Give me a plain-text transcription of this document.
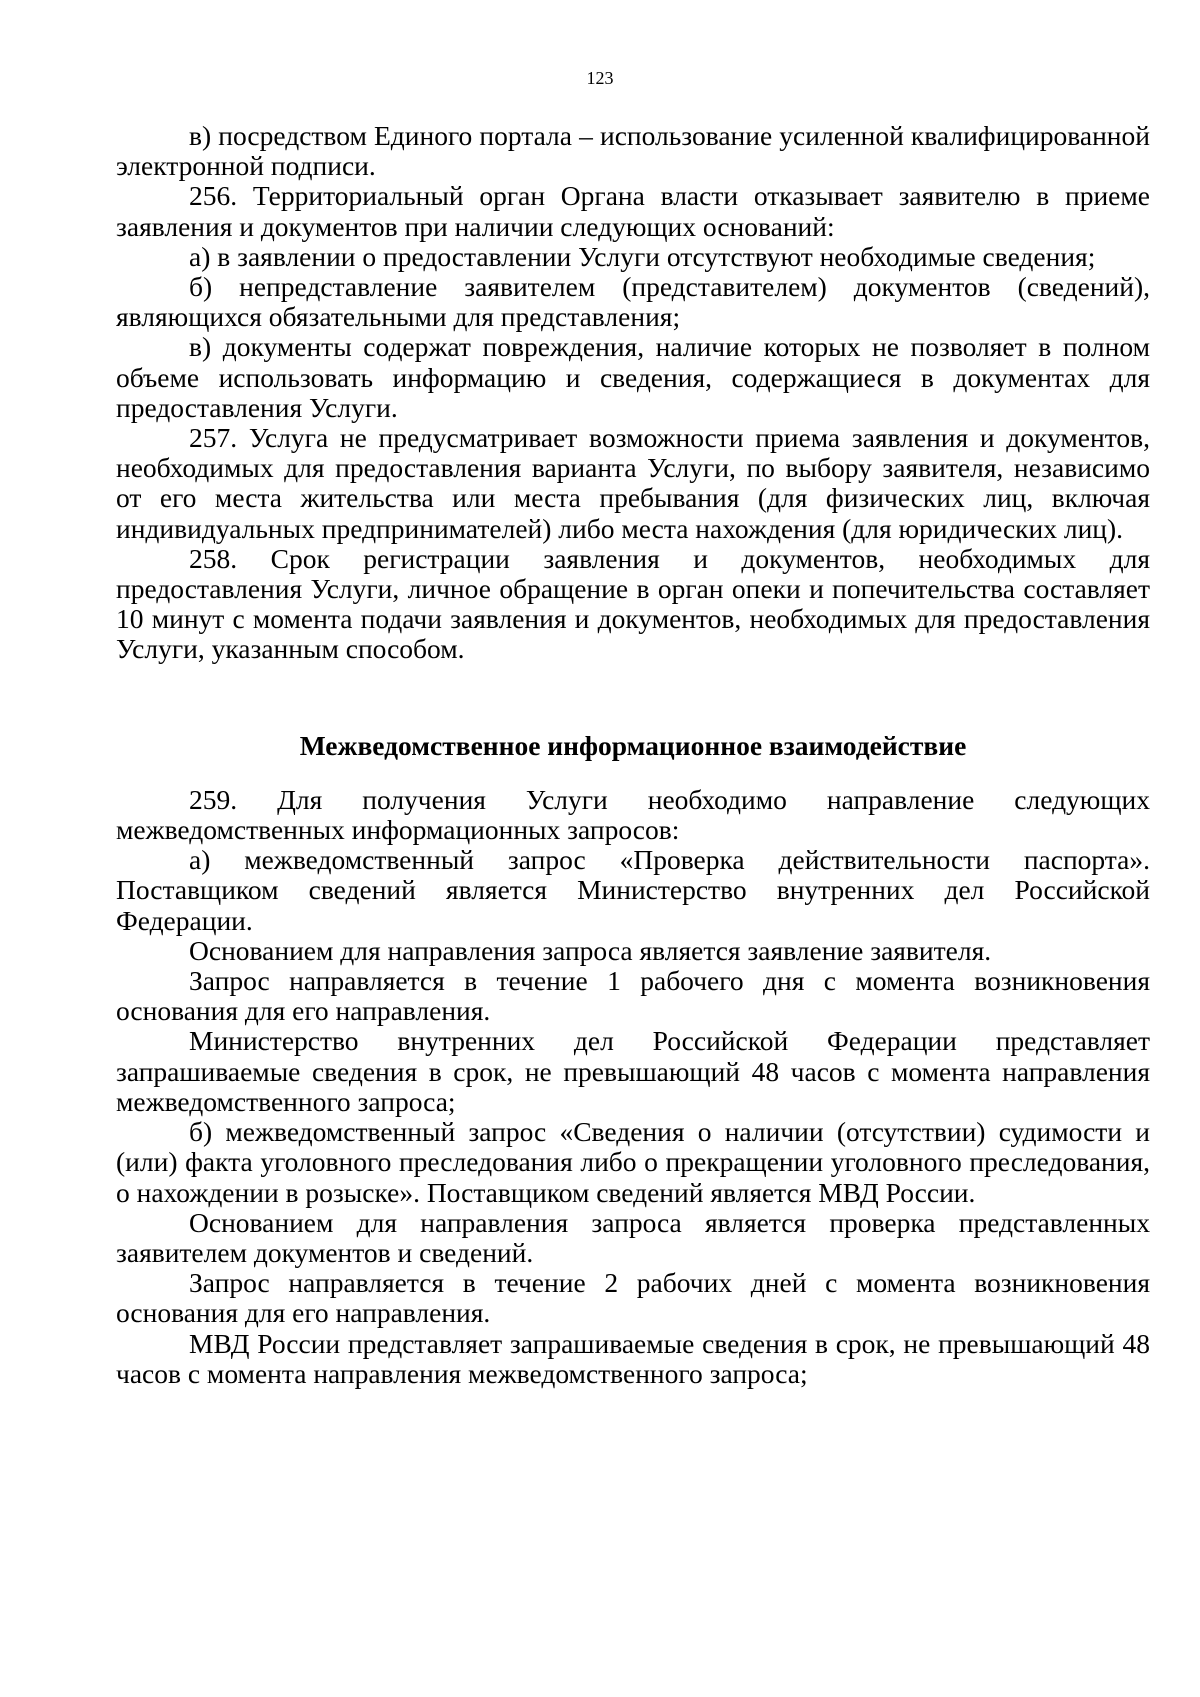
123

в) посредством Единого портала – использование усиленной квалифицированной электронной подписи.

256. Территориальный орган Органа власти отказывает заявителю в приеме заявления и документов при наличии следующих оснований:

а) в заявлении о предоставлении Услуги отсутствуют необходимые сведения;

б) непредставление заявителем (представителем) документов (сведений), являющихся обязательными для представления;

в) документы содержат повреждения, наличие которых не позволяет в полном объеме использовать информацию и сведения, содержащиеся в документах для предоставления Услуги.

257. Услуга не предусматривает возможности приема заявления и документов, необходимых для предоставления варианта Услуги, по выбору заявителя, независимо от его места жительства или места пребывания (для физических лиц, включая индивидуальных предпринимателей) либо места нахождения (для юридических лиц).

258. Срок регистрации заявления и документов, необходимых для предоставления Услуги, личное обращение в орган опеки и попечительства составляет 10 минут с момента подачи заявления и документов, необходимых для предоставления Услуги, указанным способом.

Межведомственное информационное взаимодействие

259. Для получения Услуги необходимо направление следующих межведомственных информационных запросов:

а) межведомственный запрос «Проверка действительности паспорта». Поставщиком сведений является Министерство внутренних дел Российской Федерации.

Основанием для направления запроса является заявление заявителя.

Запрос направляется в течение 1 рабочего дня с момента возникновения основания для его направления.

Министерство внутренних дел Российской Федерации представляет запрашиваемые сведения в срок, не превышающий 48 часов с момента направления межведомственного запроса;

б) межведомственный запрос «Сведения о наличии (отсутствии) судимости и (или) факта уголовного преследования либо о прекращении уголовного преследования, о нахождении в розыске». Поставщиком сведений является МВД России.

Основанием для направления запроса является проверка представленных заявителем документов и сведений.

Запрос направляется в течение 2 рабочих дней с момента возникновения основания для его направления.

МВД России представляет запрашиваемые сведения в срок, не превышающий 48 часов с момента направления межведомственного запроса;
